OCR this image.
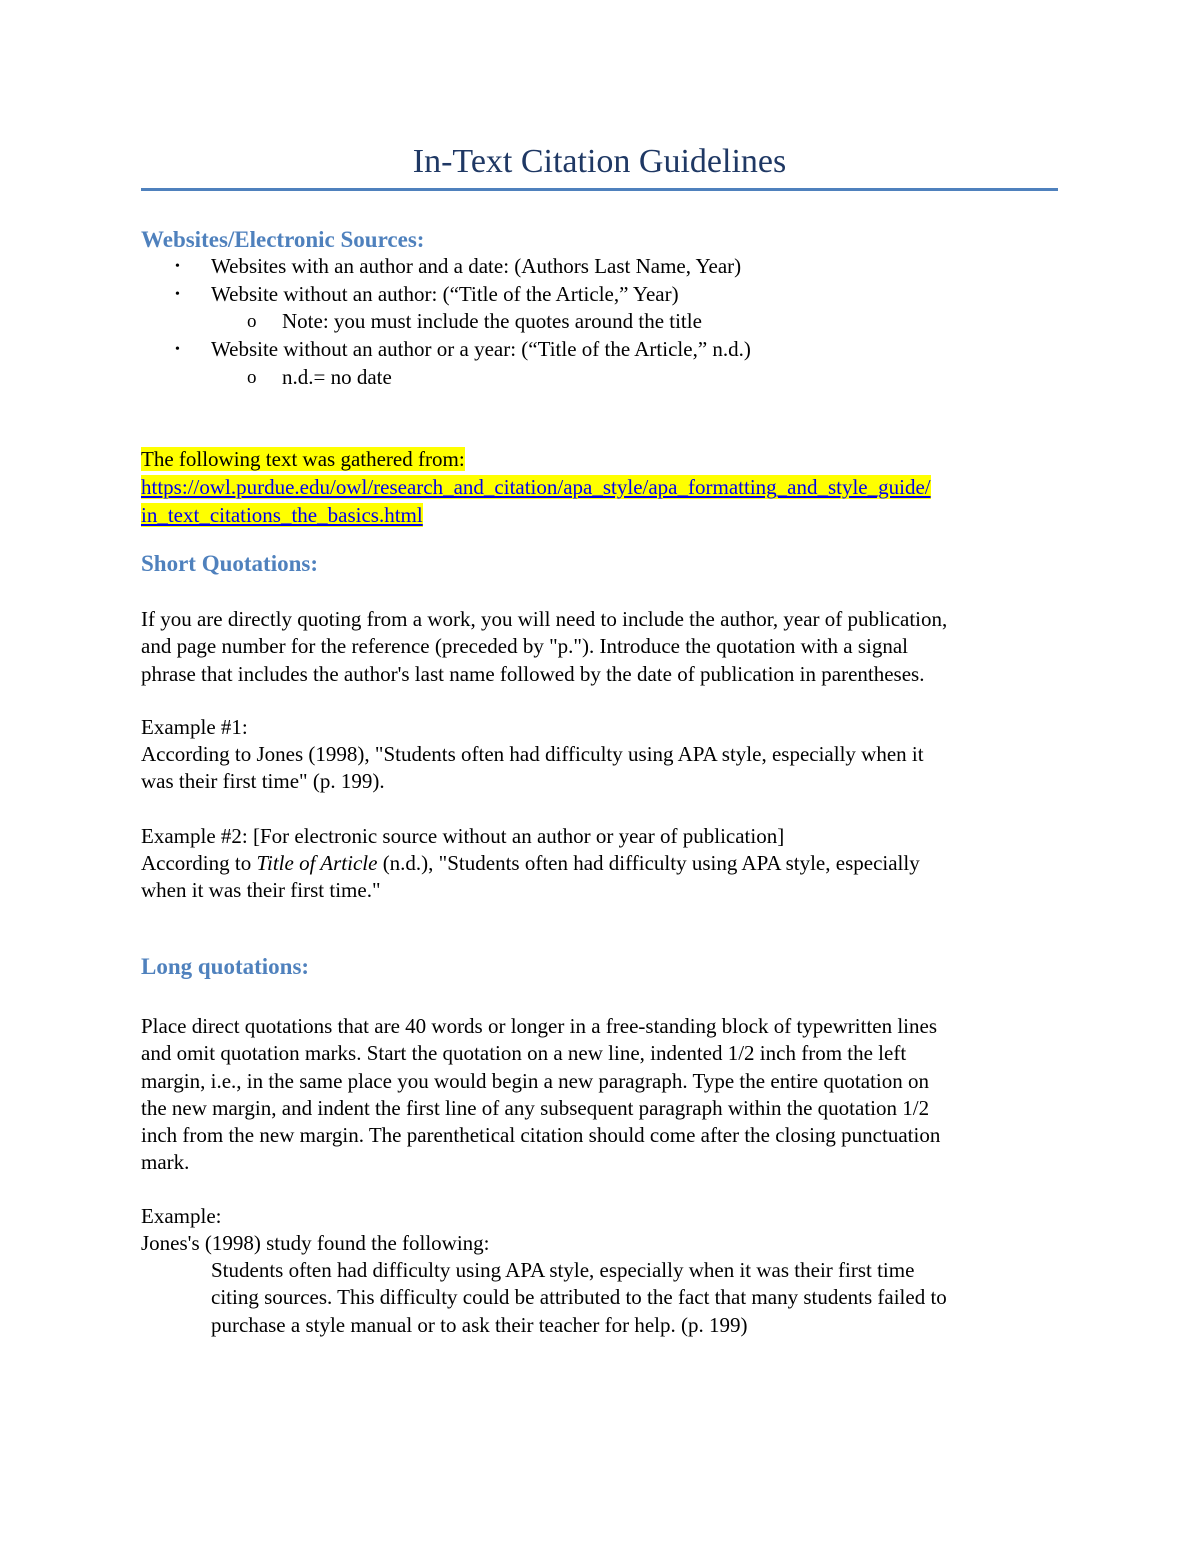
In-Text Citation Guidelines
Websites/Electronic Sources:
• Websites with an author and a date: (Authors Last Name, Year)
• Website without an author: (“Title of the Article,” Year)
o Note: you must include the quotes around the title
• Website without an author or a year: (“Title of the Article,” n.d.)
o n.d.= no date
The following text was gathered from:
https://owl.purdue.edu/owl/research_and_citation/apa_style/apa_formatting_and_style_guide/
in_text_citations_the_basics.html
Short Quotations:
If you are directly quoting from a work, you will need to include the author, year of publication,
and page number for the reference (preceded by "p."). Introduce the quotation with a signal
phrase that includes the author's last name followed by the date of publication in parentheses.
Example #1:
According to Jones (1998), "Students often had difficulty using APA style, especially when it
was their first time" (p. 199).
Example #2: [For electronic source without an author or year of publication]
According to Title of Article (n.d.), "Students often had difficulty using APA style, especially
when it was their first time."
Long quotations:
Place direct quotations that are 40 words or longer in a free-standing block of typewritten lines
and omit quotation marks. Start the quotation on a new line, indented 1/2 inch from the left
margin, i.e., in the same place you would begin a new paragraph. Type the entire quotation on
the new margin, and indent the first line of any subsequent paragraph within the quotation 1/2
inch from the new margin. The parenthetical citation should come after the closing punctuation
mark.
Example:
Jones's (1998) study found the following:
Students often had difficulty using APA style, especially when it was their first time
citing sources. This difficulty could be attributed to the fact that many students failed to
purchase a style manual or to ask their teacher for help. (p. 199)
